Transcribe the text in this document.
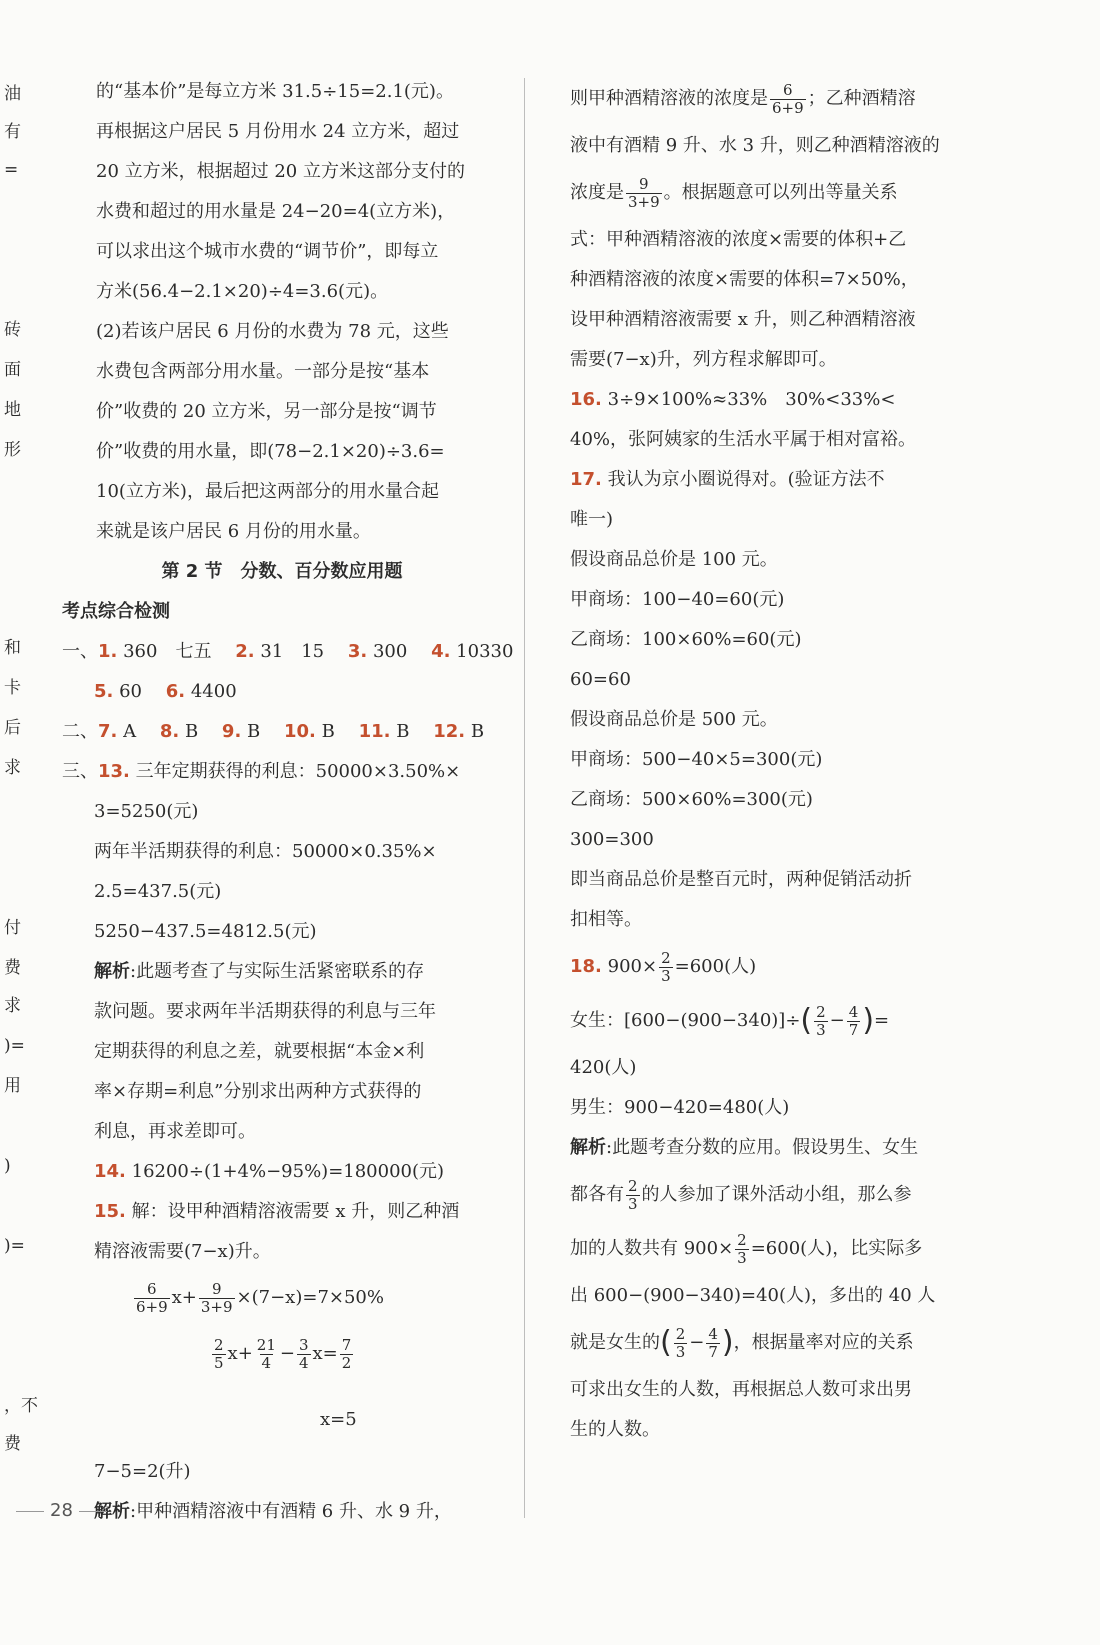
油
有
=
砖
面
地
形
和
卡
后
求
付
费
求
)=
用
)
)=
，不
费
的“基本价”是每立方米 31.5÷15=2.1(元)。
再根据这户居民 5 月份用水 24 立方米，超过
20 立方米，根据超过 20 立方米这部分支付的
水费和超过的用水量是 24−20=4(立方米)，
可以求出这个城市水费的“调节价”，即每立
方米(56.4−2.1×20)÷4=3.6(元)。
(2)若该户居民 6 月份的水费为 78 元，这些
水费包含两部分用水量。一部分是按“基本
价”收费的 20 立方米，另一部分是按“调节
价”收费的用水量，即(78−2.1×20)÷3.6=
10(立方米)，最后把这两部分的用水量合起
来就是该户居民 6 月份的用水量。
第 2 节　分数、百分数应用题
考点综合检测
一、1. 360　七五　 2. 31　15　 3. 300　 4. 10330
5. 60　 6. 4400
二、7. A　 8. B　 9. B　 10. B　 11. B　 12. B
三、13. 三年定期获得的利息：50000×3.50%×
3=5250(元)
两年半活期获得的利息：50000×0.35%×
2.5=437.5(元)
5250−437.5=4812.5(元)
解析:此题考查了与实际生活紧密联系的存
款问题。要求两年半活期获得的利息与三年
定期获得的利息之差，就要根据“本金×利
率×存期=利息”分别求出两种方式获得的
利息，再求差即可。
14. 16200÷(1+4%−95%)=180000(元)
15. 解：设甲种酒精溶液需要 x 升，则乙种酒
精溶液需要(7−x)升。
$\frac{6}{6+9} x+ \frac{9}{3+9} \times(7-x)=7\times 50\%$
$\frac{2}{5} x+ \frac{21}{4} - \frac{3}{4} x= \frac{7}{2}$
x=5
7−5=2(升)
解析:甲种酒精溶液中有酒精 6 升、水 9 升，
则甲种酒精溶液的浓度是 $\frac{6}{6+9}$ ；乙种酒精溶
液中有酒精 9 升、水 3 升，则乙种酒精溶液的
浓度是 $\frac{9}{3+9}$ 。根据题意可以列出等量关系
式：甲种酒精溶液的浓度×需要的体积+乙
种酒精溶液的浓度×需要的体积=7×50%，
设甲种酒精溶液需要 x 升，则乙种酒精溶液
需要(7−x)升，列方程求解即可。
16. 3÷9×100%≈33%　30%<33%<
40%，张阿姨家的生活水平属于相对富裕。
17. 我认为京小圈说得对。(验证方法不
唯一)
假设商品总价是 100 元。
甲商场：100−40=60(元)
乙商场：100×60%=60(元)
60=60
假设商品总价是 500 元。
甲商场：500−40×5=300(元)
乙商场：500×60%=300(元)
300=300
即当商品总价是整百元时，两种促销活动折
扣相等。
18. $900\times \frac{2}{3} =600$(人)
女生：$[600-(900-340)]\div( \frac{2}{3} - \frac{4}{7}$ )=
420(人)
男生：900−420=480(人)
解析:此题考查分数的应用。假设男生、女生
都各有 $\frac{2}{3}$ 的人参加了课外活动小组，那么参
加的人数共有 $900\times \frac{2}{3} =600$(人)，比实际多
出 600−(900−340)=40(人)，多出的 40 人
就是女生的( $\frac{2}{3} - \frac{4}{7}$ )，根据量率对应的关系
可求出女生的人数，再根据总人数可求出男
生的人数。
28
